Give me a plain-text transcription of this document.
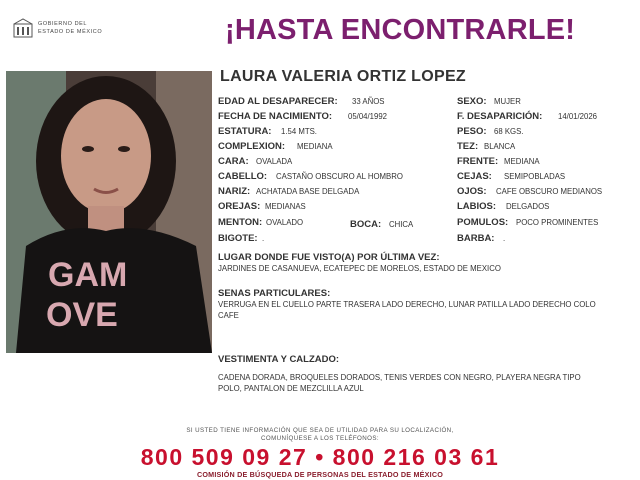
GOBIERNO DEL
ESTADO DE MÉXICO	¡HASTA ENCONTRARLE!
GAM
OVE
LAURA VALERIA ORTIZ LOPEZ
EDAD AL DESAPARECER: 33 AÑOS
FECHA DE NACIMIENTO: 05/04/1992
ESTATURA: 1.54 MTS.
COMPLEXION: MEDIANA
CARA: OVALADA
CABELLO: CASTAÑO OBSCURO AL HOMBRO
NARIZ: ACHATADA BASE DELGADA
OREJAS: MEDIANAS
MENTON: OVALADO
BIGOTE: .
BOCA: CHICA
SEXO: MUJER
F. DESAPARICIÓN: 14/01/2026
PESO: 68 KGS.
TEZ: BLANCA
FRENTE: MEDIANA
CEJAS: SEMIPOBLADAS
OJOS: CAFE OBSCURO MEDIANOS
LABIOS: DELGADOS
POMULOS: POCO PROMINENTES
BARBA: .
LUGAR DONDE FUE VISTO(A) POR ÚLTIMA VEZ:
JARDINES DE CASANUEVA, ECATEPEC DE MORELOS, ESTADO DE MEXICO
SENAS PARTICULARES:
VERRUGA EN EL CUELLO PARTE TRASERA LADO DERECHO, LUNAR PATILLA LADO DERECHO COLO CAFE
VESTIMENTA Y CALZADO:
CADENA DORADA, BROQUELES DORADOS, TENIS VERDES CON NEGRO, PLAYERA NEGRA TIPO POLO, PANTALON DE MEZCLILLA AZUL
SI USTED TIENE INFORMACIÓN QUE SEA DE UTILIDAD PARA SU LOCALIZACIÓN,
COMUNÍQUESE A LOS TELÉFONOS:
800 509 09 27 • 800 216 03 61
COMISIÓN DE BÚSQUEDA DE PERSONAS DEL ESTADO DE MÉXICO
